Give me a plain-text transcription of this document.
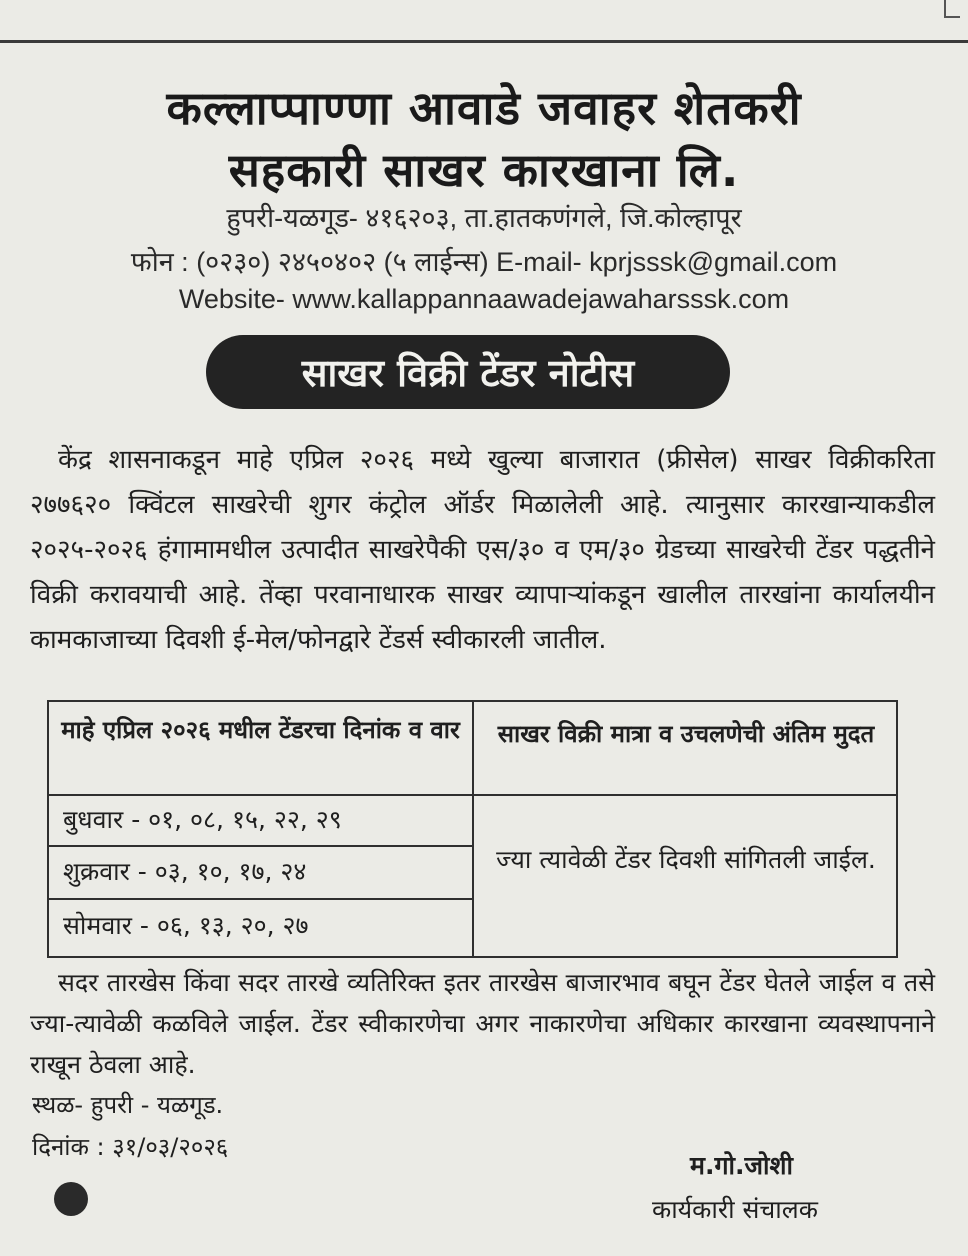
कल्लाप्पाण्णा आवाडे जवाहर शेतकरी
सहकारी साखर कारखाना लि.
हुपरी-यळगूड- ४१६२०३, ता.हातकणंगले, जि.कोल्हापूर
फोन : (०२३०) २४५०४०२ (५ लाईन्स) E-mail- kprjsssk@gmail.com
Website- www.kallappannaawadejawaharsssk.com
साखर विक्री टेंडर नोटीस
केंद्र शासनाकडून माहे एप्रिल २०२६ मध्ये खुल्या बाजारात (फ्रीसेल) साखर विक्रीकरिता २७७६२० क्विंटल साखरेची शुगर कंट्रोल ऑर्डर मिळालेली आहे. त्यानुसार कारखान्याकडील २०२५-२०२६ हंगामामधील उत्पादीत साखरेपैकी एस/३० व एम/३० ग्रेडच्या साखरेची टेंडर पद्धतीने विक्री करावयाची आहे. तेंव्हा परवानाधारक साखर व्यापाऱ्यांकडून खालील तारखांना कार्यालयीन कामकाजाच्या दिवशी ई-मेल/फोनद्वारे टेंडर्स स्वीकारली जातील.
माहे एप्रिल २०२६ मधील टेंडरचा दिनांक व वार	साखर विक्री मात्रा व उचलणेची अंतिम मुदत
बुधवार - ०१, ०८, १५, २२, २९
शुक्रवार - ०३, १०, १७, २४
सोमवार - ०६, १३, २०, २७
ज्या त्यावेळी टेंडर दिवशी सांगितली जाईल.
सदर तारखेस किंवा सदर तारखे व्यतिरिक्त इतर तारखेस बाजारभाव बघून टेंडर घेतले जाईल व तसे ज्या-त्यावेळी कळविले जाईल. टेंडर स्वीकारणेचा अगर नाकारणेचा अधिकार कारखाना व्यवस्थापनाने राखून ठेवला आहे.
स्थळ- हुपरी - यळगूड.
दिनांक : ३१/०३/२०२६
म.गो.जोशी
कार्यकारी संचालक
